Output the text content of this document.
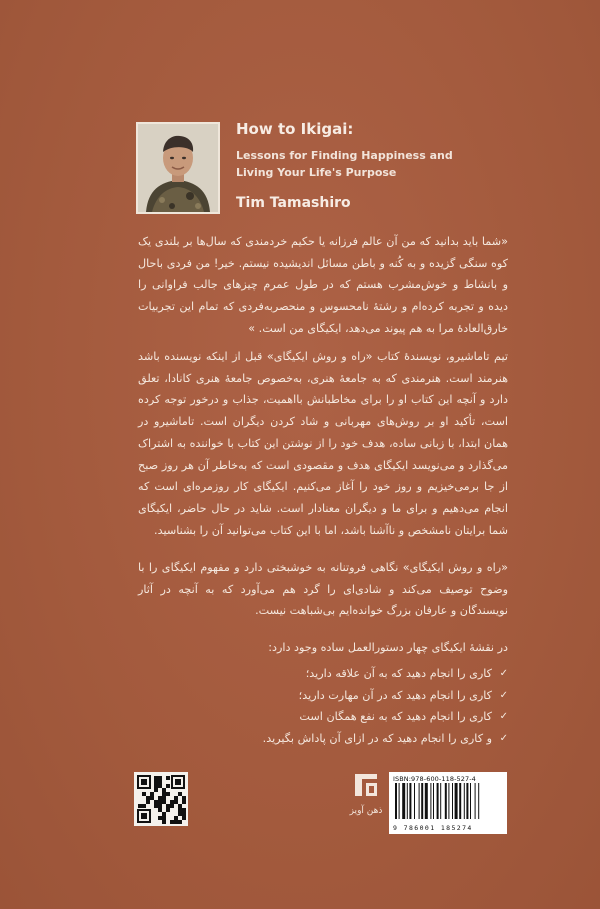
How to Ikigai:
Lessons for Finding Happiness and
Living Your Life's Purpose
Tim Tamashiro

«شما باید بدانید که من آن عالم فرزانه یا حکیم خردمندی که سال‌ها بر بلندی یک کوه سنگی گزیده و به کُنه و باطن مسائل اندیشیده نیستم. خیر! من فردی باحال و بانشاط و خوش‌مشرب هستم که در طول عمرم چیزهای جالب فراوانی را دیده و تجربه کرده‌ام و رشتهٔ نامحسوس و منحصربه‌فردی که تمام این تجربیات خارق‌العادهٔ مرا به هم پیوند می‌دهد، ایکیگای من است. »

تیم تاماشیرو، نویسندهٔ کتاب «راه و روش ایکیگای» قبل از اینکه نویسنده باشد هنرمند است. هنرمندی که به جامعهٔ هنری، به‌خصوص جامعهٔ هنری کانادا، تعلق دارد و آنچه این کتاب او را برای مخاطبانش بااهمیت، جذاب و درخور توجه کرده است، تأکید او بر روش‌های مهربانی و شاد کردن دیگران است. تاماشیرو در همان ابتدا، با زبانی ساده، هدف خود را از نوشتن این کتاب با خواننده به اشتراک می‌گذارد و می‌نویسد ایکیگای هدف و مقصودی است که به‌خاطر آن هر روز صبح از جا برمی‌خیزیم و روز خود را آغاز می‌کنیم. ایکیگای کار روزمره‌ای است که انجام می‌دهیم و برای ما و دیگران معنادار است. شاید در حال حاضر، ایکیگای شما برایتان نامشخص و ناآشنا باشد، اما با این کتاب می‌توانید آن را بشناسید.

«راه و روش ایکیگای» نگاهی فروتنانه به خوشبختی دارد و مفهوم ایکیگای را با وضوح توصیف می‌کند و شادی‌ای را گرد هم می‌آورد که به آنچه در آثار نویسندگان و عارفان بزرگ خوانده‌ایم بی‌شباهت نیست.

در نقشهٔ ایکیگای چهار دستورالعمل ساده وجود دارد:

✓
کاری را انجام دهید که به آن علاقه دارید؛
✓
کاری را انجام دهید که در آن مهارت دارید؛
✓
کاری را انجام دهید که به نفع همگان است
✓
و کاری را انجام دهید که در ازای آن پاداش بگیرید.
ذهن آویز
ISBN:978-600-118-527-4
9 786001 185274
